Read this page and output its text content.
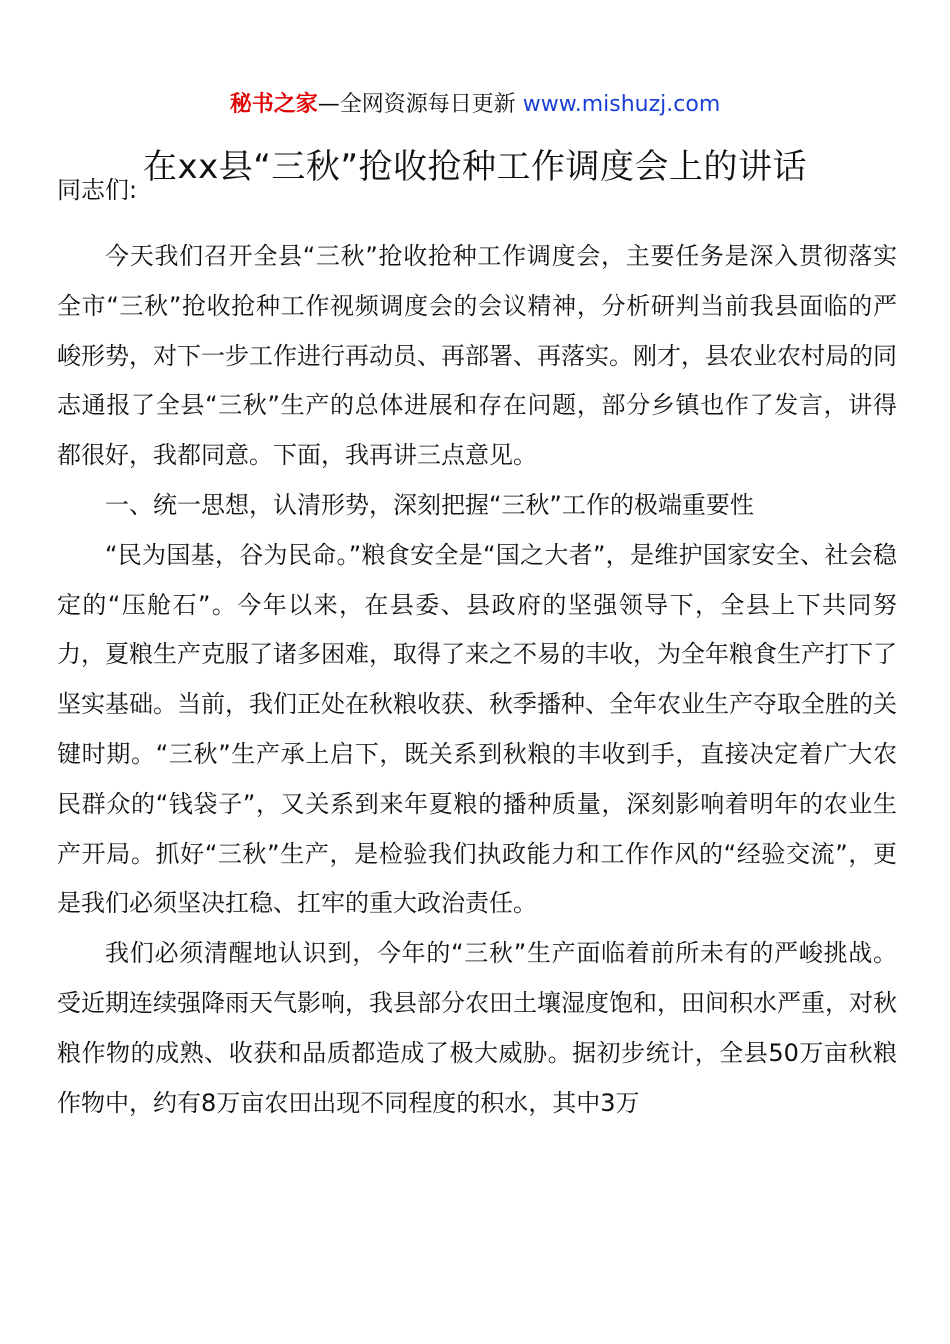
秘书之家—全网资源每日更新 www.mishuzj.com
在xx县“三秋”抢收抢种工作调度会上的讲话

同志们:

今天我们召开全县“三秋”抢收抢种工作调度会，主要任务是深入贯彻落实全市“三秋”抢收抢种工作视频调度会的会议精神，分析研判当前我县面临的严峻形势，对下一步工作进行再动员、再部署、再落实。刚才，县农业农村局的同志通报了全县“三秋”生产的总体进展和存在问题，部分乡镇也作了发言，讲得都很好，我都同意。下面，我再讲三点意见。

一、统一思想，认清形势，深刻把握“三秋”工作的极端重要性

“民为国基，谷为民命。”粮食安全是“国之大者”，是维护国家安全、社会稳定的“压舱石”。今年以来，在县委、县政府的坚强领导下，全县上下共同努力，夏粮生产克服了诸多困难，取得了来之不易的丰收，为全年粮食生产打下了坚实基础。当前，我们正处在秋粮收获、秋季播种、全年农业生产夺取全胜的关键时期。“三秋”生产承上启下，既关系到秋粮的丰收到手，直接决定着广大农民群众的“钱袋子”，又关系到来年夏粮的播种质量，深刻影响着明年的农业生产开局。抓好“三秋”生产，是检验我们执政能力和工作作风的“经验交流”，更是我们必须坚决扛稳、扛牢的重大政治责任。

我们必须清醒地认识到，今年的“三秋”生产面临着前所未有的严峻挑战。受近期连续强降雨天气影响，我县部分农田土壤湿度饱和，田间积水严重，对秋粮作物的成熟、收获和品质都造成了极大威胁。据初步统计，全县50万亩秋粮作物中，约有8万亩农田出现不同程度的积水，其中3万
